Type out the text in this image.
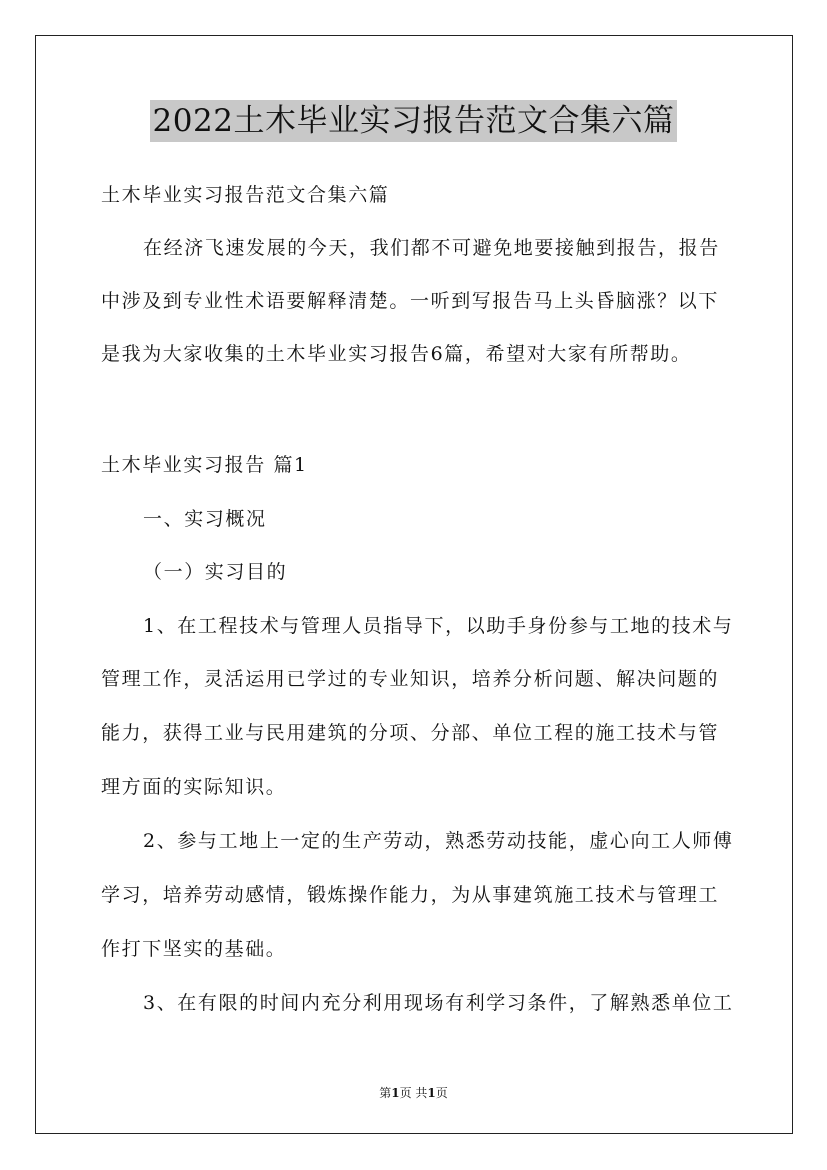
2022土木毕业实习报告范文合集六篇
土木毕业实习报告范文合集六篇
在经济飞速发展的今天，我们都不可避免地要接触到报告，报告
中涉及到专业性术语要解释清楚。一听到写报告马上头昏脑涨？以下
是我为大家收集的土木毕业实习报告6篇，希望对大家有所帮助。
土木毕业实习报告 篇1
一、实习概况
（一）实习目的
1、在工程技术与管理人员指导下，以助手身份参与工地的技术与
管理工作，灵活运用已学过的专业知识，培养分析问题、解决问题的
能力，获得工业与民用建筑的分项、分部、单位工程的施工技术与管
理方面的实际知识。
2、参与工地上一定的生产劳动，熟悉劳动技能，虚心向工人师傅
学习，培养劳动感情，锻炼操作能力，为从事建筑施工技术与管理工
作打下坚实的基础。
3、在有限的时间内充分利用现场有利学习条件，了解熟悉单位工
第1页 共1页
